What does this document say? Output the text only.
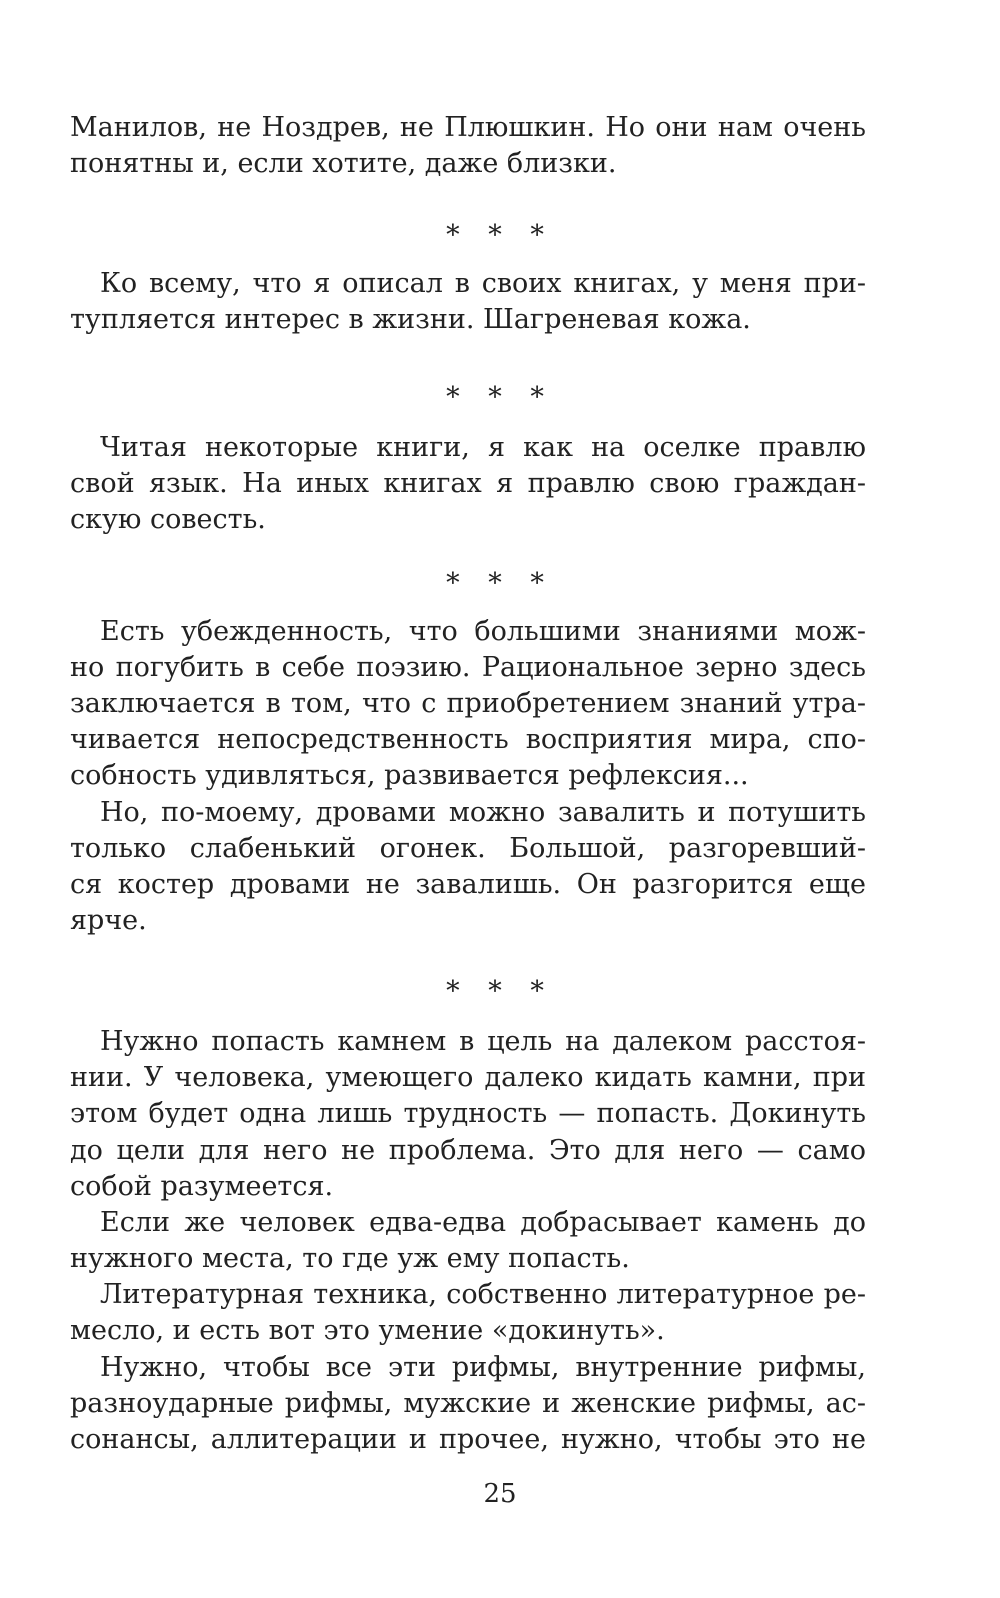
Манилов, не Ноздрев, не Плюшкин. Но они нам очень
понятны и, если хотите, даже близки.
* * *
Ко всему, что я описал в своих книгах, у меня при-
тупляется интерес в жизни. Шагреневая кожа.
* * *
Читая некоторые книги, я как на оселке правлю
свой язык. На иных книгах я правлю свою граждан-
скую совесть.
* * *
Есть убежденность, что большими знаниями мож-
но погубить в себе поэзию. Рациональное зерно здесь
заключается в том, что с приобретением знаний утра-
чивается непосредственность восприятия мира, спо-
собность удивляться, развивается рефлексия...
Но, по-моему, дровами можно завалить и потушить
только слабенький огонек. Большой, разгоревший-
ся костер дровами не завалишь. Он разгорится еще
ярче.
* * *
Нужно попасть камнем в цель на далеком расстоя-
нии. У человека, умеющего далеко кидать камни, при
этом будет одна лишь трудность — попасть. Докинуть
до цели для него не проблема. Это для него — само
собой разумеется.
Если же человек едва-едва добрасывает камень до
нужного места, то где уж ему попасть.
Литературная техника, собственно литературное ре-
месло, и есть вот это умение «докинуть».
Нужно, чтобы все эти рифмы, внутренние рифмы,
разноударные рифмы, мужские и женские рифмы, ас-
сонансы, аллитерации и прочее, нужно, чтобы это не
25
